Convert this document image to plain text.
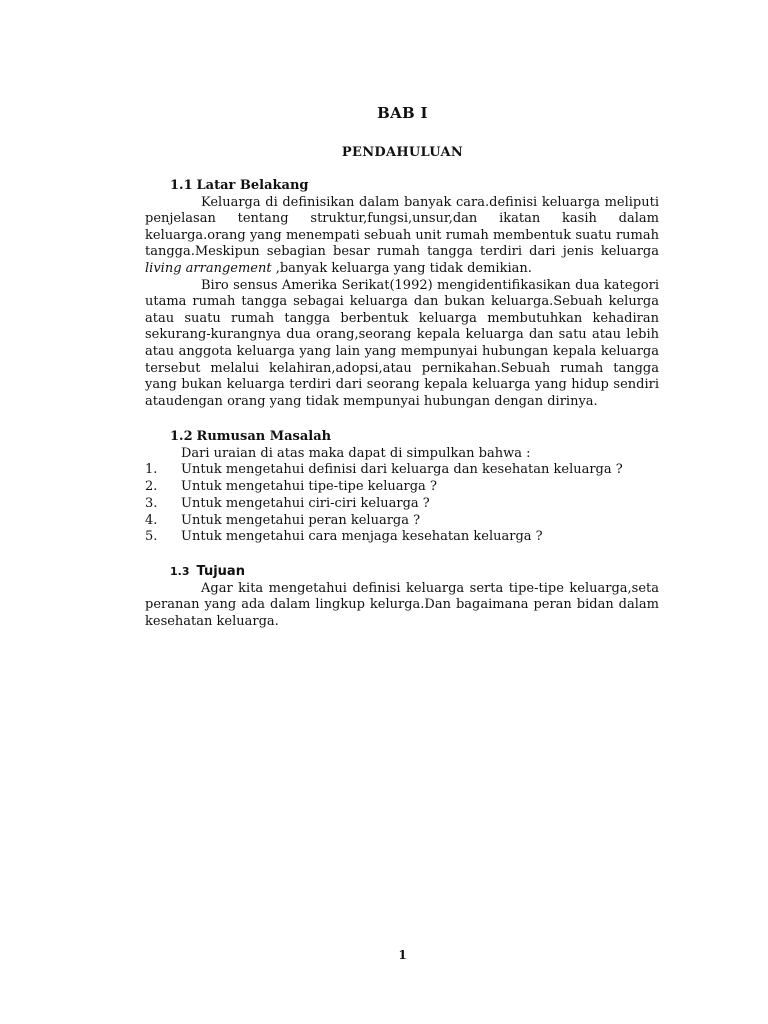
BAB I
PENDAHULUAN
1.1 Latar Belakang

Keluarga di definisikan dalam banyak cara.definisi keluarga meliputi penjelasan tentang struktur,fungsi,unsur,dan ikatan kasih dalam keluarga.orang yang menempati sebuah unit rumah membentuk suatu rumah tangga.Meskipun sebagian besar rumah tangga terdiri dari jenis keluarga living arrangement ,banyak keluarga yang tidak demikian.

Biro sensus Amerika Serikat(1992) mengidentifikasikan dua kategori utama rumah tangga sebagai keluarga dan bukan keluarga.Sebuah kelurga atau suatu rumah tangga berbentuk keluarga membutuhkan kehadiran sekurang-kurangnya dua orang,seorang kepala keluarga dan satu atau lebih atau anggota keluarga yang lain yang mempunyai hubungan kepala keluarga tersebut melalui kelahiran,adopsi,atau pernikahan.Sebuah rumah tangga yang bukan keluarga terdiri dari seorang kepala keluarga yang hidup sendiri ataudengan orang yang tidak mempunyai hubungan dengan dirinya.

1.2 Rumusan Masalah

Dari uraian di atas maka dapat di simpulkan bahwa :

1. Untuk mengetahui definisi dari keluarga dan kesehatan keluarga ?
2. Untuk mengetahui tipe-tipe keluarga ?
3. Untuk mengetahui ciri-ciri keluarga ?
4. Untuk mengetahui peran keluarga ?
5. Untuk mengetahui cara menjaga kesehatan keluarga ?
1.3 Tujuan

Agar kita mengetahui definisi keluarga serta tipe-tipe keluarga,seta peranan yang ada dalam lingkup kelurga.Dan bagaimana peran bidan dalam kesehatan keluarga.

1
